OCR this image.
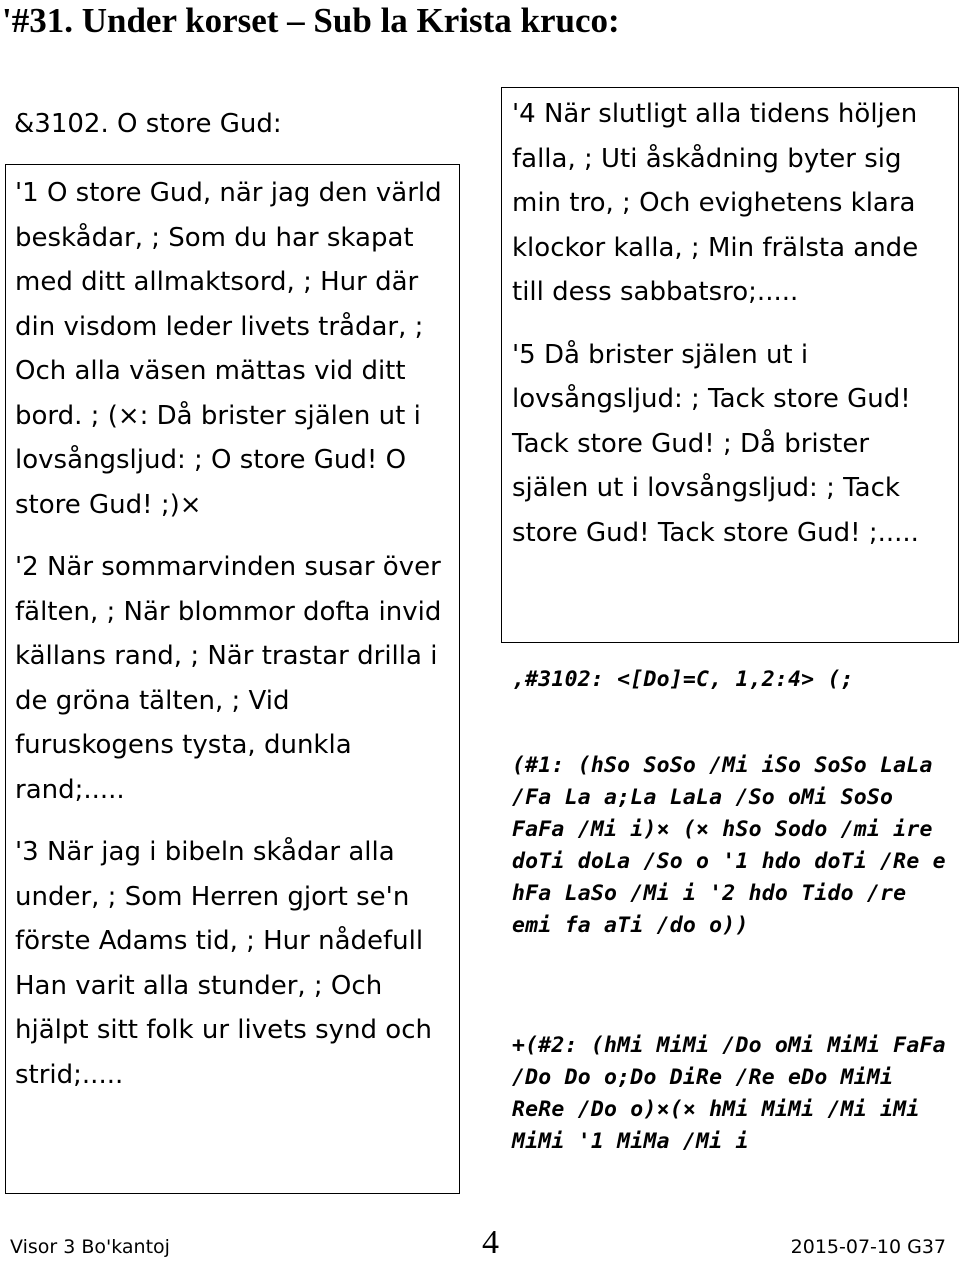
'#31. Under korset – Sub la Krista kruco:

&3102. O store Gud:

'1 O store Gud, när jag den värld beskådar, ; Som du har skapat med ditt allmaktsord, ; Hur där din visdom leder livets trådar, ; Och alla väsen mättas vid ditt bord. ; (×: Då brister själen ut i lovsångsljud: ; O store Gud! O store Gud! ;)×

'2 När sommarvinden susar över fälten, ; När blommor dofta invid källans rand, ; När trastar drilla i de gröna tälten, ; Vid furuskogens tysta, dunkla rand;.....

'3 När jag i bibeln skådar alla under, ; Som Herren gjort se'n förste Adams tid, ; Hur nådefull Han varit alla stunder, ; Och hjälpt sitt folk ur livets synd och strid;.....

'4 När slutligt alla tidens höljen falla, ; Uti åskådning byter sig min tro, ; Och evighetens klara klockor kalla, ; Min frälsta ande till dess sabbatsro;.....

'5 Då brister själen ut i lovsångsljud: ; Tack store Gud! Tack store Gud! ; Då brister själen ut i lovsångsljud: ; Tack store Gud! Tack store Gud! ;.....

,#3102: <[Do]=C, 1,2:4> (;

(#1: (hSo SoSo /Mi iSo SoSo LaLa /Fa La a;La LaLa /So oMi SoSo FaFa /Mi i)× (× hSo Sodo /mi ire doTi doLa /So o '1 hdo doTi /Re e hFa LaSo /Mi i '2 hdo Tido /re emi fa aTi /do o))

+(#2: (hMi MiMi /Do oMi MiMi FaFa /Do Do o;Do DiRe /Re eDo MiMi ReRe /Do o)×(× hMi MiMi /Mi iMi MiMi '1 MiMa /Mi i

Visor 3 Bo'kantoj	4	2015-07-10 G37
